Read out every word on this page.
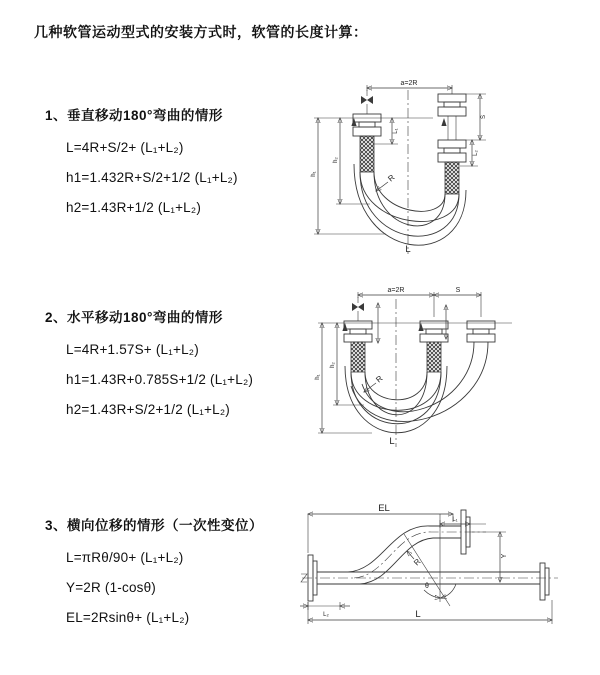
几种软管运动型式的安装方式时，软管的长度计算：
1、垂直移动180°弯曲的情形
L=4R+S/2+ (L₁+L₂)
h1=1.432R+S/2+1/2 (L₁+L₂)
h2=1.43R+1/2 (L₁+L₂)
2、水平移动180°弯曲的情形
L=4R+1.57S+ (L₁+L₂)
h1=1.43R+0.785S+1/2 (L₁+L₂)
h2=1.43R+S/2+1/2 (L₁+L₂)
3、横向位移的情形（一次性变位）
L=πRθ/90+ (L₁+L₂)
Y=2R (1-cosθ)
EL=2Rsinθ+ (L₁+L₂)
a=2R
L₁
S
L₂
h₁
h₂
R
L
a=2R	S
h₁
h₂
R
L
EL
L₁
Y
θ
R
L₂	L
